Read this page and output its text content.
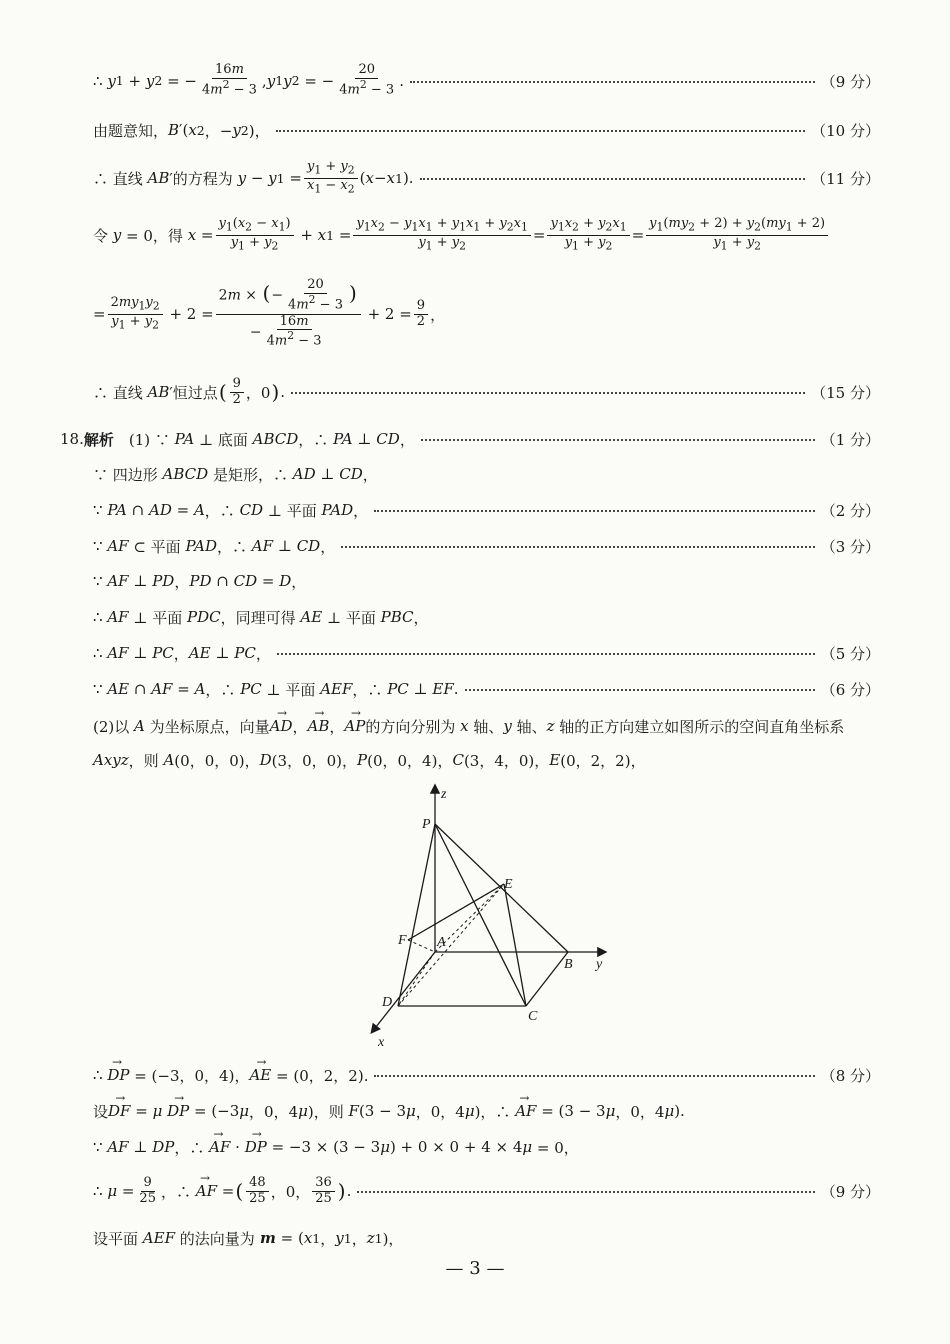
∴ y 1 + y 2 = − $\frac{16m}{4m^2 - 3}$ , y 1 y 2 = − $\frac{20}{4m^2 - 3}$ .	（9 分）
由题意知， B ′( x 2 ，− y 2 )，	（10 分）
∴ 直线 AB ′的方程为 y − y $1 = \frac{y_1 + y_2}{x_1 - x_2}$ ( x − x 1 ).	（11 分）
令 y = 0，得 $x = \frac{y_1(x_2 - x_1)}{y_1 + y_2} + x$ $1 = \frac{y_1x_2 - y_1x_1 + y_1x_1 + y_2x_1}{y_1 + y_2} = \frac{y_1x_2 + y_2x_1}{y_1 + y_2} = \frac{y_1(my_2 + 2) + y_2(my_1 + 2)}{y_1 + y_2}$
= $\frac{2my_1y_2}{y_1 + y_2} + 2 = \frac{2m \times (- \frac{20}{4m^2 - 3} )}{- \frac{16m}{4m^2 - 3}} + 2 = \frac{9}{2}$ ，
∴ 直线 AB ′恒过点 ( $\frac{9}{2}$ ，0 ) .	（15 分）
18. 解析 　(1) ∵ PA ⊥ 底面 ABCD ，∴ PA ⊥ CD ，	（1 分）
∵ 四边形 ABCD 是矩形，∴ AD ⊥ CD ，
∵ PA ∩ AD = A ，∴ CD ⊥ 平面 PAD ，	（2 分）
∵ AF ⊂ 平面 PAD ，∴ AF ⊥ CD ，	（3 分）
∵ AF ⊥ PD ， PD ∩ CD = D ，
∴ AF ⊥ 平面 PDC ，同理可得 AE ⊥ 平面 PBC ，
∴ AF ⊥ PC ， AE ⊥ PC ，	（5 分）
∵ AE ∩ AF = A ，∴ PC ⊥ 平面 AEF ，∴ PC ⊥ EF .	（6 分）
(2)以 A 为坐标原点，向量 → AD ， → AB ， → AP 的方向分别为 x 轴、 y 轴、 z 轴的正方向建立如图所示的空间直角坐标系
Axyz ，则 A (0，0，0)， D (3，0，0)， P (0，0，4)， C (3，4，0)， E (0，2，2)，
P
E
F A
B y
D
C
x
z
∴ →  DP = (−3，0，4)， → AE = (0，2，2).	（8 分）
设 → DF = μ
→ DP = (−3 μ ，0，4 μ )，则 F (3 − 3 μ ，0，4 μ )，∴ →  AF = (3 − 3 μ ，0，4 μ ).
∵ AF ⊥ DP ，∴ →  AF · → DP = −3 × (3 − 3 μ ) + 0 × 0 + 4 × 4 μ = 0，
∴ $\mu = \frac{9}{25}$ ，∴ →  AF = ( $\frac{48}{25}$ ，0， $\frac{36}{25}$ ) .	（9 分）
设平面 AEF 的法向量为 m = ( x 1 ， y 1 ， z 1 )，
— 3 —
